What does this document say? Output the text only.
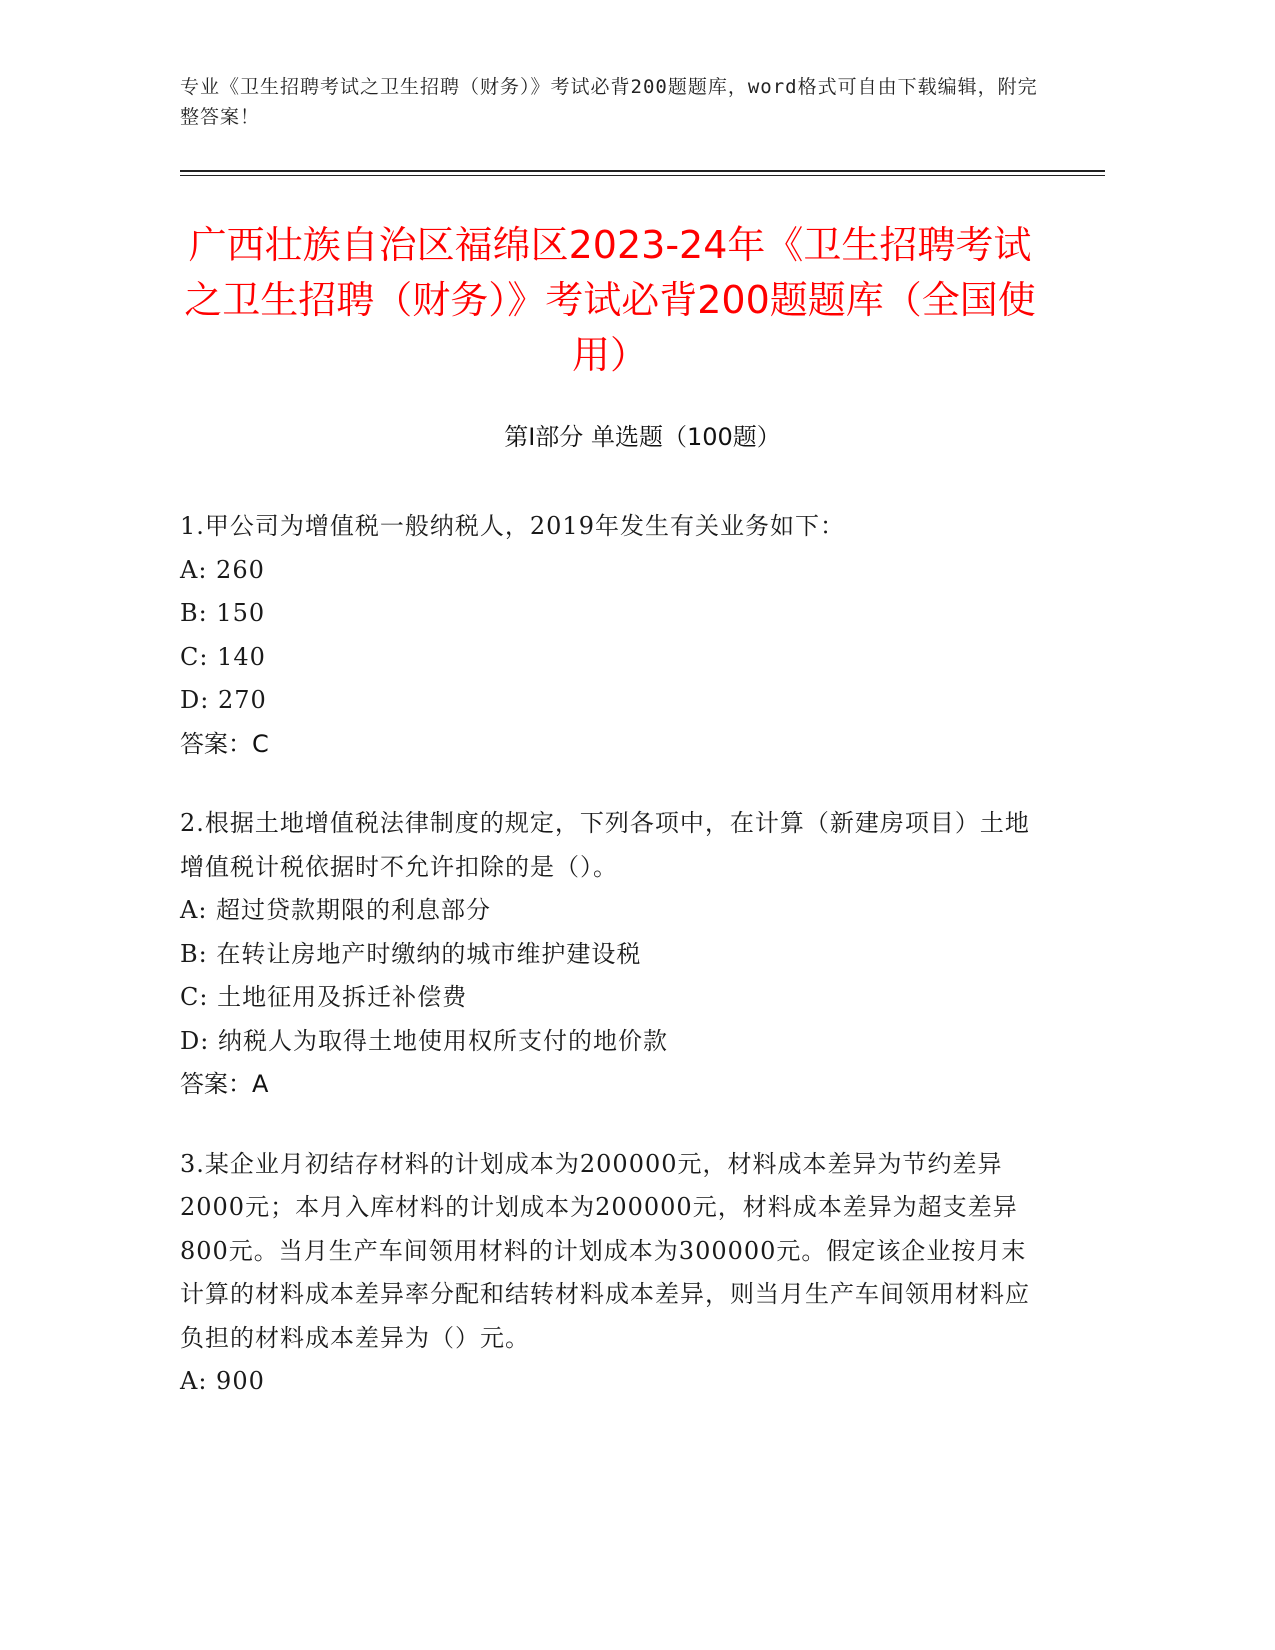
专业《卫生招聘考试之卫生招聘（财务）》考试必背200题题库，word格式可自由下载编辑，附完整答案！
广西壮族自治区福绵区2023-24年《卫生招聘考试之卫生招聘（财务）》考试必背200题题库（全国使用）
第Ⅰ部分 单选题（100题）
1.甲公司为增值税一般纳税人，2019年发生有关业务如下：
A: 260
B: 150
C: 140
D: 270
答案：C
2.根据土地增值税法律制度的规定，下列各项中，在计算（新建房项目）土地增值税计税依据时不允许扣除的是（）。
A: 超过贷款期限的利息部分
B: 在转让房地产时缴纳的城市维护建设税
C: 土地征用及拆迁补偿费
D: 纳税人为取得土地使用权所支付的地价款
答案：A
3.某企业月初结存材料的计划成本为200000元，材料成本差异为节约差异2000元；本月入库材料的计划成本为200000元，材料成本差异为超支差异800元。当月生产车间领用材料的计划成本为300000元。假定该企业按月末计算的材料成本差异率分配和结转材料成本差异，则当月生产车间领用材料应负担的材料成本差异为（）元。
A: 900
